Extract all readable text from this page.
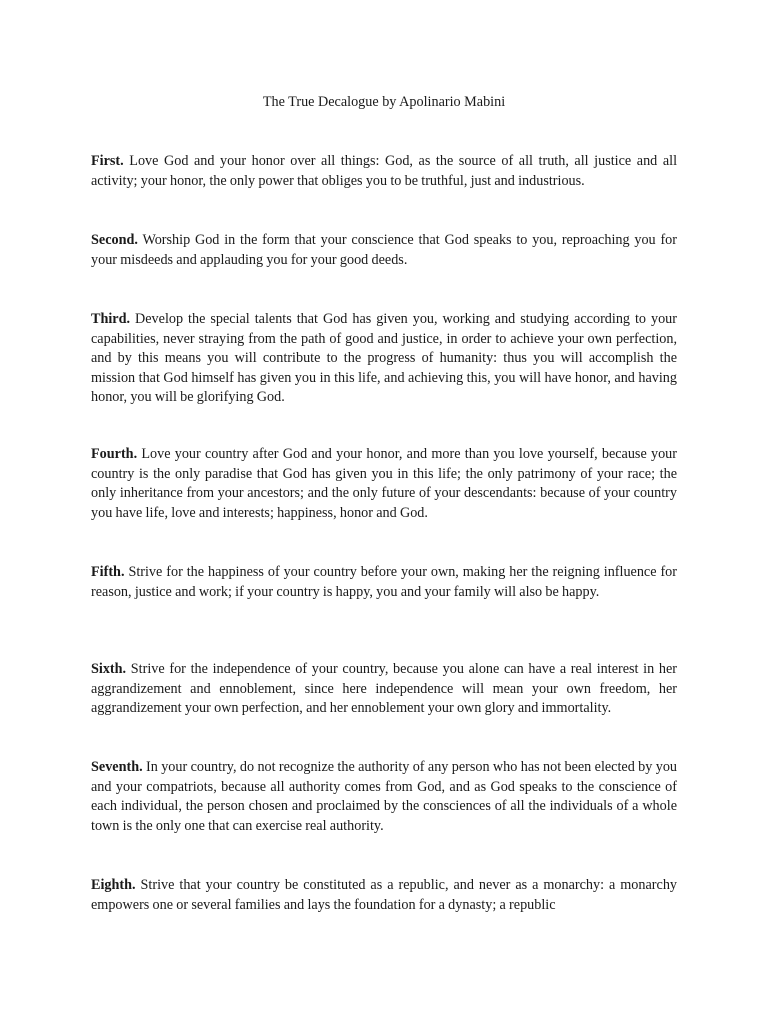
The True Decalogue by Apolinario Mabini

First. Love God and your honor over all things: God, as the source of all truth, all justice and all activity; your honor, the only power that obliges you to be truthful, just and industrious.

Second. Worship God in the form that your conscience that God speaks to you, reproaching you for your misdeeds and applauding you for your good deeds.

Third. Develop the special talents that God has given you, working and studying according to your capabilities, never straying from the path of good and justice, in order to achieve your own perfection, and by this means you will contribute to the progress of humanity: thus you will accomplish the mission that God himself has given you in this life, and achieving this, you will have honor, and having honor, you will be glorifying God.

Fourth. Love your country after God and your honor, and more than you love yourself, because your country is the only paradise that God has given you in this life; the only patrimony of your race; the only inheritance from your ancestors; and the only future of your descendants: because of your country you have life, love and interests; happiness, honor and God.

Fifth. Strive for the happiness of your country before your own, making her the reigning influence for reason, justice and work; if your country is happy, you and your family will also be happy.

Sixth. Strive for the independence of your country, because you alone can have a real interest in her aggrandizement and ennoblement, since here independence will mean your own freedom, her aggrandizement your own perfection, and her ennoblement your own glory and immortality.

Seventh. In your country, do not recognize the authority of any person who has not been elected by you and your compatriots, because all authority comes from God, and as God speaks to the conscience of each individual, the person chosen and proclaimed by the consciences of all the individuals of a whole town is the only one that can exercise real authority.

Eighth. Strive that your country be constituted as a republic, and never as a monarchy: a monarchy empowers one or several families and lays the foundation for a dynasty; a republic
